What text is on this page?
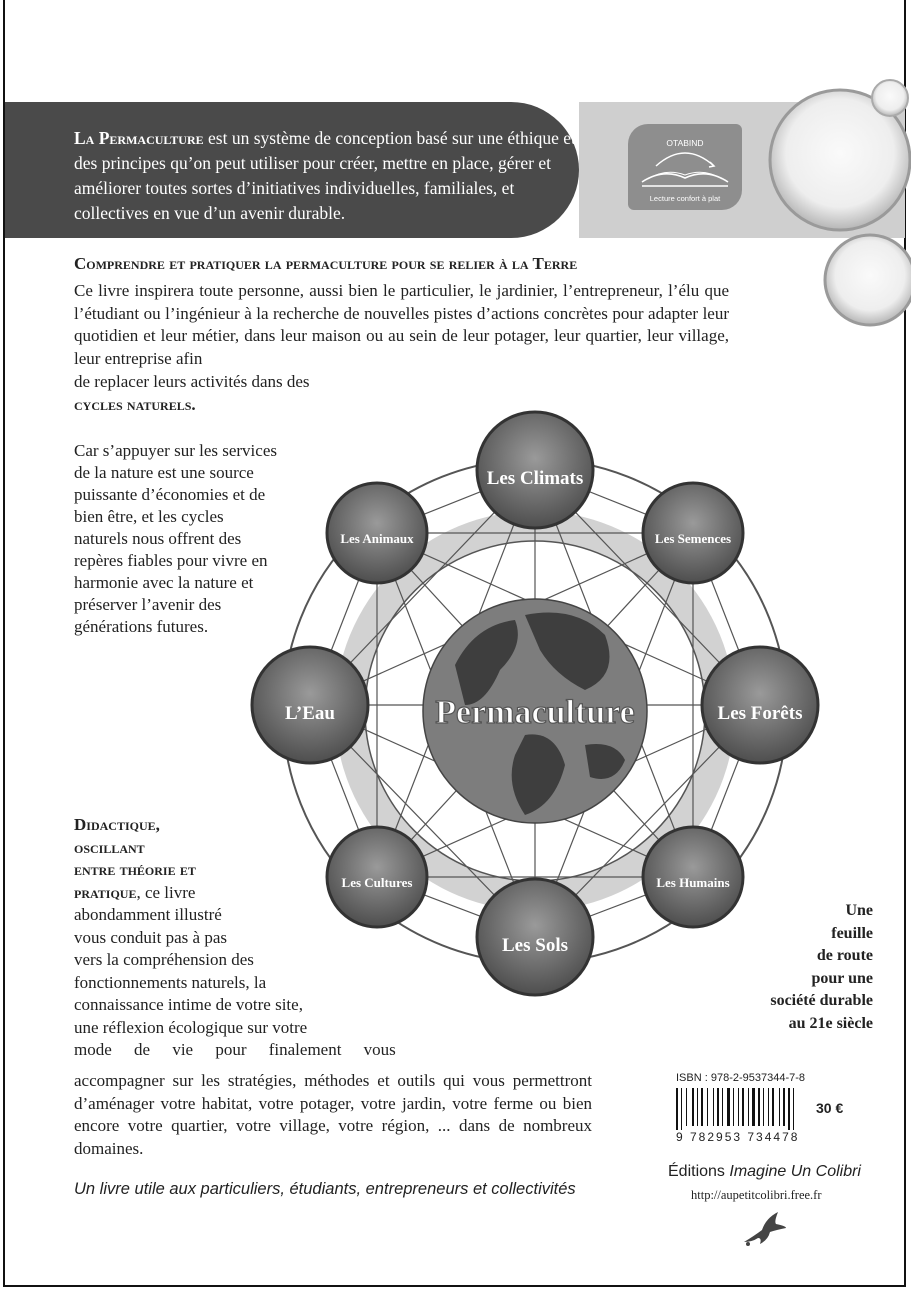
La Permaculture est un système de conception basé sur une éthique et des principes qu’on peut utiliser pour créer, mettre en place, gérer et améliorer toutes sortes d’initiatives individuelles, familiales, et collectives en vue d’un avenir durable.

OTABIND
Lecture confort à plat
Comprendre et pratiquer la permaculture pour se relier à la Terre

Ce livre inspirera toute personne, aussi bien le particulier, le jardinier, l’entrepreneur, l’élu que l’étudiant ou l’ingénieur à la recherche de nouvelles pistes d’actions concrètes pour adapter leur quotidien et leur métier, dans leur maison ou au sein de leur potager, leur quartier, leur village, leur entreprise afin

de replacer leurs activités dans des
cycles naturels.

Car s’appuyer sur les services de la nature est une source puissante d’économies et de bien être, et les cycles naturels nous offrent des repères fiables pour vivre en harmonie avec la nature et préserver l’avenir des générations futures.

Didactique,
oscillant
entre théorie et
pratique, ce livre
abondamment illustré
vous conduit pas à pas
vers la compréhension des
fonctionnements naturels, la
connaissance intime de votre site,
une réflexion écologique sur votre
mode de vie pour finalement vous

accompagner sur les stratégies, méthodes et outils qui vous permettront d’aménager votre habitat, votre potager, votre jardin, votre ferme ou bien encore votre quartier, votre village, votre région, ... dans de nombreux domaines.

Un livre utile aux particuliers, étudiants, entrepreneurs et collectivités

Une
feuille
de route
pour une
société durable
au 21e siècle
Permaculture
Les Climats
Les Semences
Les Forêts
Les Humains
Les Sols
Les Cultures
L’Eau
Les Animaux
ISBN : 978-2-9537344-7-8
9 782953 734478
30 €
Éditions Imagine Un Colibri
http://aupetitcolibri.free.fr
